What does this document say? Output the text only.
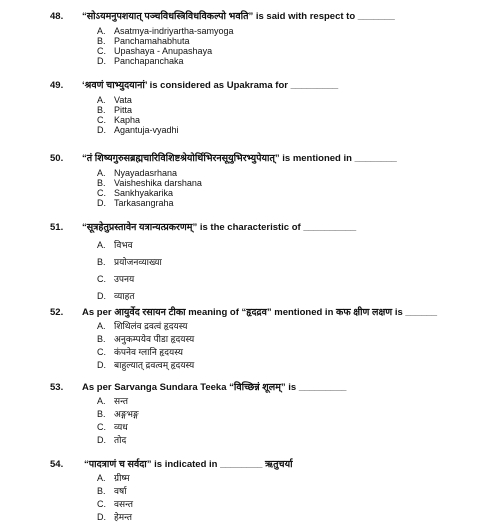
48. “सोऽयमनुपशयात् पञ्चविधस्त्रिविधविकल्पो भवति” is said with respect to _______
A. Asatmya-indriyartha-samyoga
B. Panchamahabhuta
C. Upashaya - Anupashaya
D. Panchapanchaka
49. ‘श्रवणं चाभ्युदयानां’ is considered as Upakrama for _________
A. Vata
B. Pitta
C. Kapha
D. Agantuja-vyadhi
50. “तं शिष्यगुरुसब्रह्मचारिविशिष्टश्रेयोर्थिभिरनसूयुभिरभ्युपेयात्” is mentioned in ________
A. Nyayadasrhana
B. Vaisheshika darshana
C. Sankhyakarika
D. Tarkasangraha
51. “सूत्रहेतुप्रस्तावेन यत्रान्यत्प्रकरणम्” is the characteristic of __________
A. विभव
B. प्रयोजनव्याख्या
C. उपनय
D. व्याहत
52. As per आयुर्वेद रसायन टीका meaning of “हृदद्रव” mentioned in कफ क्षीण लक्षण is ______
A. शिथिलंव द्रवत्वं हृदयस्य
B. अनुकम्पयेव पीडा हृदयस्य
C. कंपनेव ग्लानि हृदयस्य
D. बाहुल्यात् द्रवत्वम् हृदयस्य
53. As per Sarvanga Sundara Teeka “विच्छिन्नं शूलम्” is _________
A. सन्त
B. अङ्गभङ्ग
C. व्यध
D. तोद
54. “पादत्राणं च सर्वदा” is indicated in ________ ऋतुचर्या
A. ग्रीष्म
B. वर्षा
C. वसन्त
D. हेमन्त
